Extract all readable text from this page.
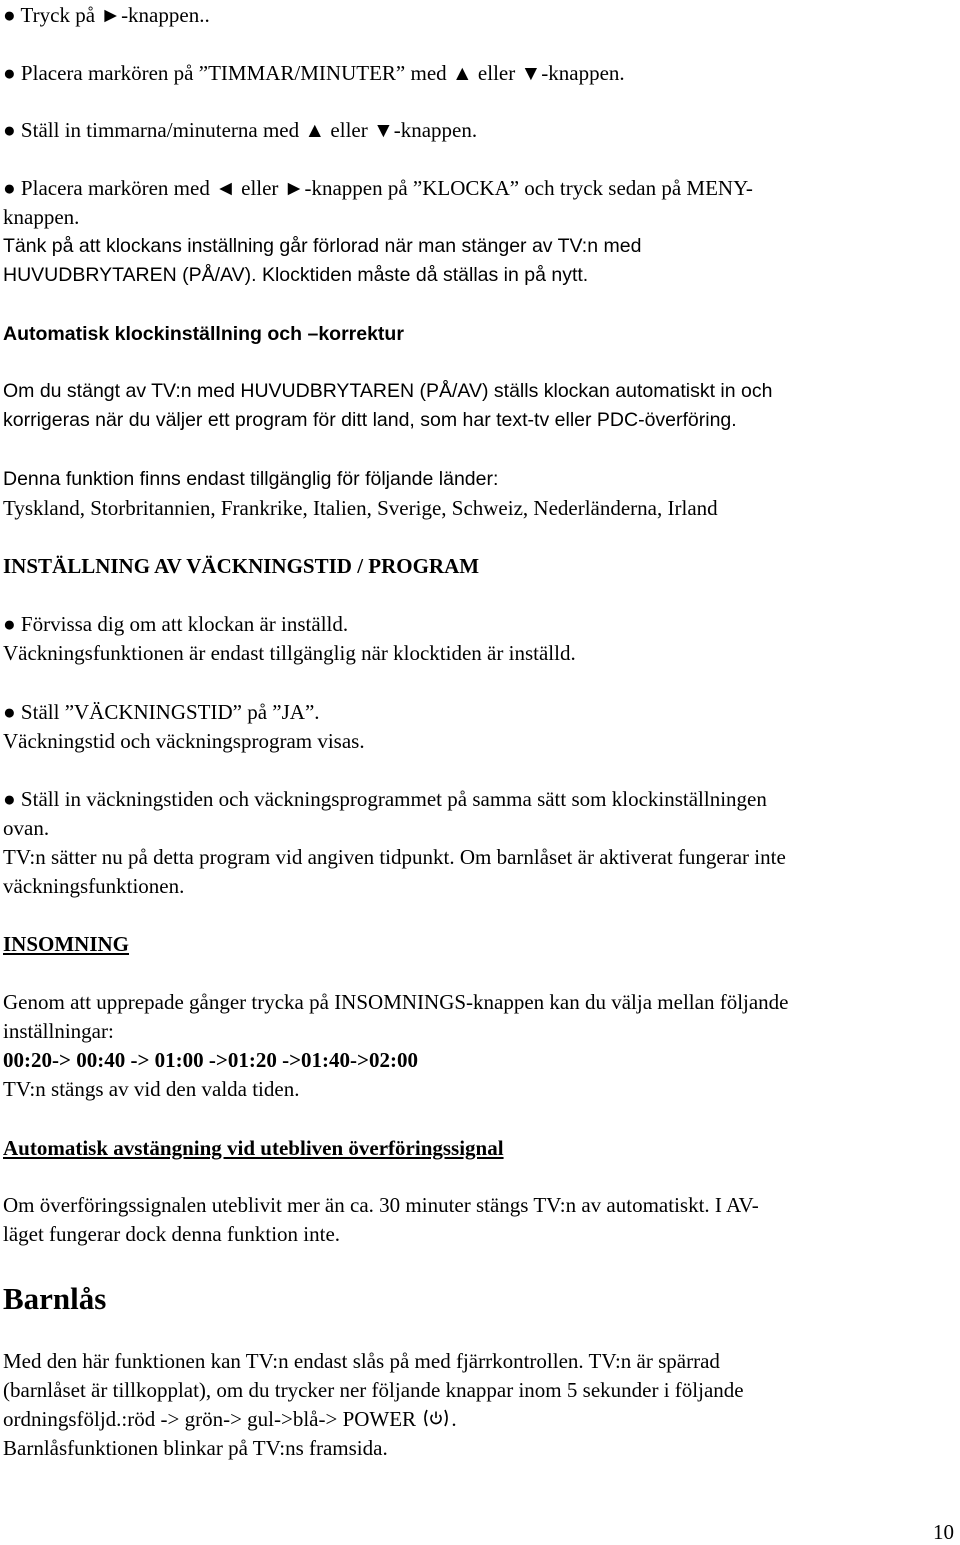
● Tryck på ►-knappen..
● Placera markören på ”TIMMAR/MINUTER” med ▲ eller ▼-knappen.
● Ställ in timmarna/minuterna med ▲ eller ▼-knappen.
● Placera markören med ◄ eller ►-knappen på ”KLOCKA” och tryck sedan på MENY-
knappen.
Tänk på att klockans inställning går förlorad när man stänger av TV:n med
HUVUDBRYTAREN (PÅ/AV). Klocktiden måste då ställas in på nytt.
Automatisk klockinställning och –korrektur
Om du stängt av TV:n med HUVUDBRYTAREN (PÅ/AV) ställs klockan automatiskt in och
korrigeras när du väljer ett program för ditt land, som har text-tv eller PDC-överföring.
Denna funktion finns endast tillgänglig för följande länder:
Tyskland, Storbritannien, Frankrike, Italien, Sverige, Schweiz, Nederländerna, Irland
INSTÄLLNING AV VÄCKNINGSTID / PROGRAM
● Förvissa dig om att klockan är inställd.
Väckningsfunktionen är endast tillgänglig när klocktiden är inställd.
● Ställ ”VÄCKNINGSTID” på ”JA”.
Väckningstid och väckningsprogram visas.
● Ställ in väckningstiden och väckningsprogrammet på samma sätt som klockinställningen
ovan.
TV:n sätter nu på detta program vid angiven tidpunkt. Om barnlåset är aktiverat fungerar inte
väckningsfunktionen.
INSOMNING
Genom att upprepade gånger trycka på INSOMNINGS-knappen kan du välja mellan följande
inställningar:
00:20-> 00:40 -> 01:00 ->01:20 ->01:40->02:00
TV:n stängs av vid den valda tiden.
Automatisk avstängning vid utebliven överföringssignal
Om överföringssignalen uteblivit mer än ca. 30 minuter stängs TV:n av automatiskt. I AV-
läget fungerar dock denna funktion inte.
Barnlås
Med den här funktionen kan TV:n endast slås på med fjärrkontrollen. TV:n är spärrad
(barnlåset är tillkopplat), om du trycker ner följande knappar inom 5 sekunder i följande
ordningsföljd.:röd -> grön-> gul->blå-> POWER .
Barnlåsfunktionen blinkar på TV:ns framsida.
10
